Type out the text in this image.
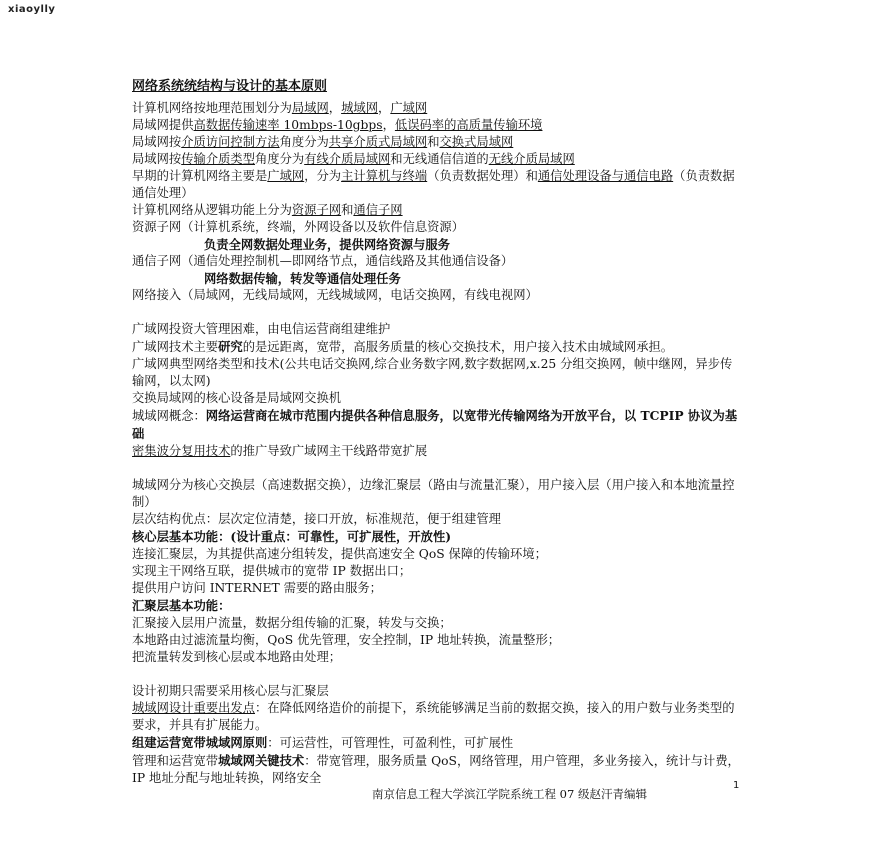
xiaoylly

网络系统统结构与设计的基本原则

计算机网络按地理范围划分为局域网，城域网，广域网

局域网提供高数据传输速率 10mbps-10gbps，低误码率的高质量传输环境

局域网按介质访问控制方法角度分为共享介质式局域网和交换式局域网

局域网按传输介质类型角度分为有线介质局域网和无线通信信道的无线介质局域网

早期的计算机网络主要是广域网，分为主计算机与终端（负责数据处理）和通信处理设备与通信电路（负责数据通信处理）

计算机网络从逻辑功能上分为资源子网和通信子网

资源子网（计算机系统，终端，外网设备以及软件信息资源）

负责全网数据处理业务，提供网络资源与服务

通信子网（通信处理控制机—即网络节点，通信线路及其他通信设备）

网络数据传输，转发等通信处理任务

网络接入（局域网，无线局域网，无线城域网，电话交换网，有线电视网）

广域网投资大管理困难，由电信运营商组建维护

广域网技术主要研究的是远距离，宽带，高服务质量的核心交换技术，用户接入技术由城域网承担。

广域网典型网络类型和技术(公共电话交换网,综合业务数字网,数字数据网,x.25 分组交换网，帧中继网，异步传输网，以太网)

交换局域网的核心设备是局域网交换机

城域网概念：网络运营商在城市范围内提供各种信息服务，以宽带光传输网络为开放平台，以 TCPIP 协议为基础

密集波分复用技术的推广导致广域网主干线路带宽扩展

城域网分为核心交换层（高速数据交换），边缘汇聚层（路由与流量汇聚），用户接入层（用户接入和本地流量控制）

层次结构优点：层次定位清楚，接口开放，标准规范，便于组建管理

核心层基本功能：(设计重点：可靠性，可扩展性，开放性)

连接汇聚层，为其提供高速分组转发，提供高速安全 QoS 保障的传输环境；

实现主干网络互联，提供城市的宽带 IP 数据出口；

提供用户访问 INTERNET 需要的路由服务；

汇聚层基本功能：

汇聚接入层用户流量，数据分组传输的汇聚，转发与交换；

本地路由过滤流量均衡，QoS 优先管理，安全控制，IP 地址转换，流量整形；

把流量转发到核心层或本地路由处理；

设计初期只需要采用核心层与汇聚层

城域网设计重要出发点：在降低网络造价的前提下，系统能够满足当前的数据交换，接入的用户数与业务类型的要求，并具有扩展能力。

组建运营宽带城域网原则：可运营性，可管理性，可盈利性，可扩展性

管理和运营宽带城域网关键技术：带宽管理，服务质量 QoS，网络管理，用户管理，多业务接入，统计与计费，IP 地址分配与地址转换，网络安全

1
南京信息工程大学滨江学院系统工程 07 级赵汗青编辑
